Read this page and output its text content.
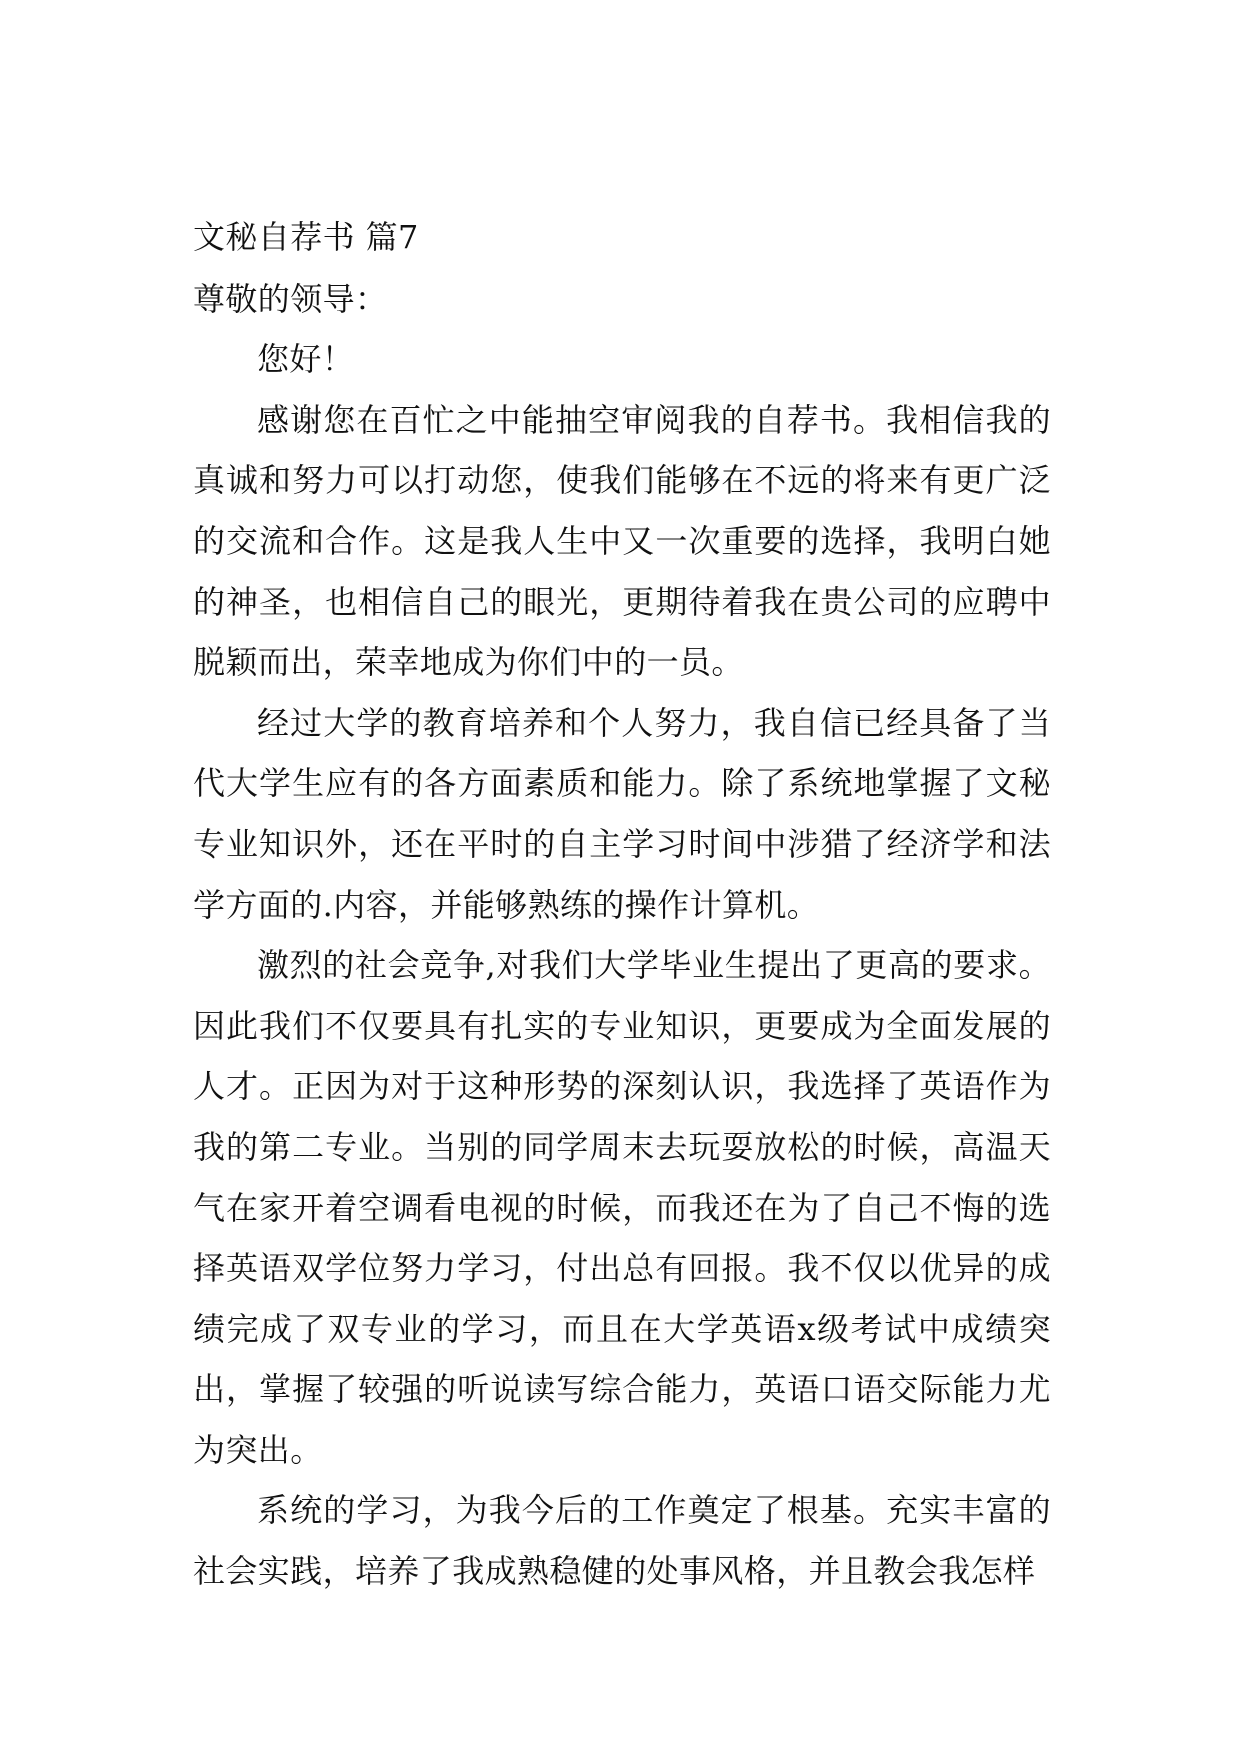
文秘自荐书 篇7

尊敬的领导：

您好！

感谢您在百忙之中能抽空审阅我的自荐书。我相信我的真诚和努力可以打动您，使我们能够在不远的将来有更广泛的交流和合作。这是我人生中又一次重要的选择，我明白她的神圣，也相信自己的眼光，更期待着我在贵公司的应聘中脱颖而出，荣幸地成为你们中的一员。

经过大学的教育培养和个人努力，我自信已经具备了当代大学生应有的各方面素质和能力。除了系统地掌握了文秘专业知识外，还在平时的自主学习时间中涉猎了经济学和法学方面的.内容，并能够熟练的操作计算机。

激烈的社会竞争,对我们大学毕业生提出了更高的要求。因此我们不仅要具有扎实的专业知识，更要成为全面发展的人才。正因为对于这种形势的深刻认识，我选择了英语作为我的第二专业。当别的同学周末去玩耍放松的时候，高温天气在家开着空调看电视的时候，而我还在为了自己不悔的选择英语双学位努力学习，付出总有回报。我不仅以优异的成绩完成了双专业的学习，而且在大学英语x级考试中成绩突出，掌握了较强的听说读写综合能力，英语口语交际能力尤为突出。

系统的学习，为我今后的工作奠定了根基。充实丰富的社会实践，培养了我成熟稳健的处事风格，并且教会我怎样
